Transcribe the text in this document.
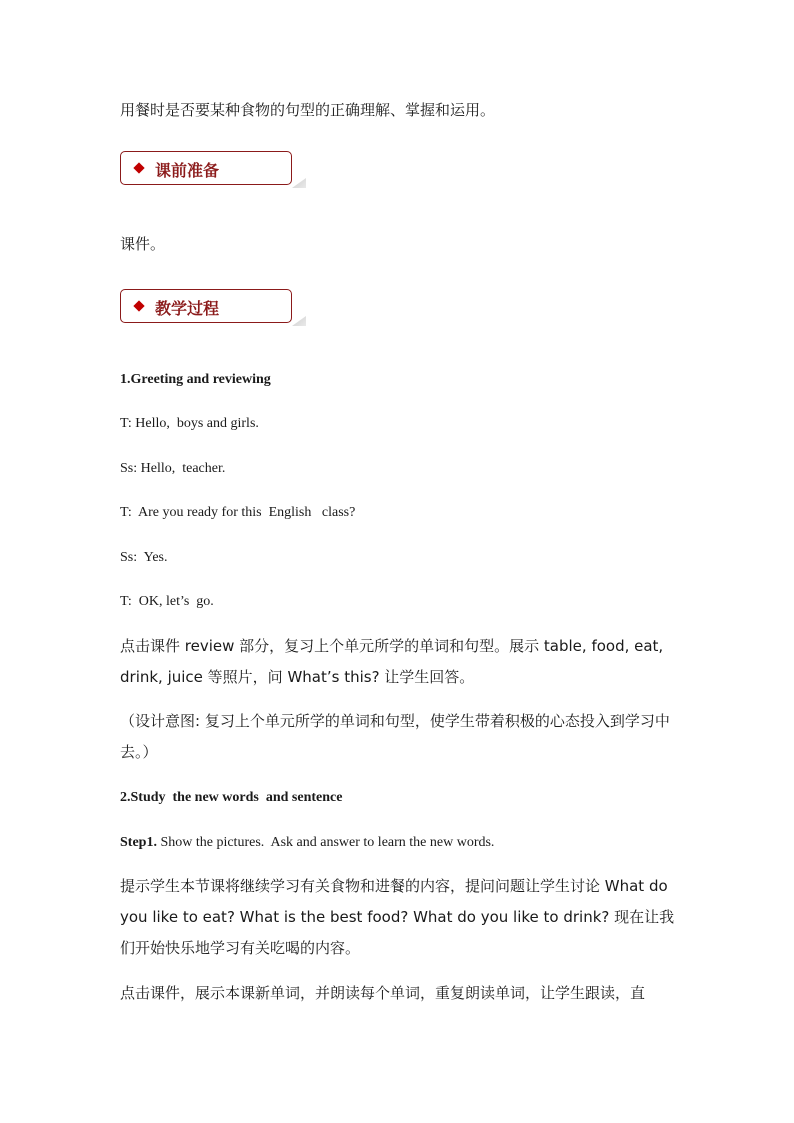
用餐时是否要某种食物的句型的正确理解、掌握和运用。
课前准备
课件。
教学过程
1.Greeting and reviewing
T: Hello,  boys and girls.
Ss: Hello,  teacher.
T:  Are you ready for this  English   class?
Ss:  Yes.
T:  OK, let’s  go.
点击课件 review 部分，复习上个单元所学的单词和句型。展示 table, food, eat, drink, juice 等照片，问 What’s this? 让学生回答。
（设计意图: 复习上个单元所学的单词和句型，使学生带着积极的心态投入到学习中去。）
2.Study  the new words  and sentence
Step1. Show the pictures.  Ask and answer to learn the new words.
提示学生本节课将继续学习有关食物和进餐的内容，提问问题让学生讨论 What do you like to eat? What is the best food? What do you like to drink? 现在让我们开始快乐地学习有关吃喝的内容。
点击课件，展示本课新单词，并朗读每个单词，重复朗读单词，让学生跟读，直
